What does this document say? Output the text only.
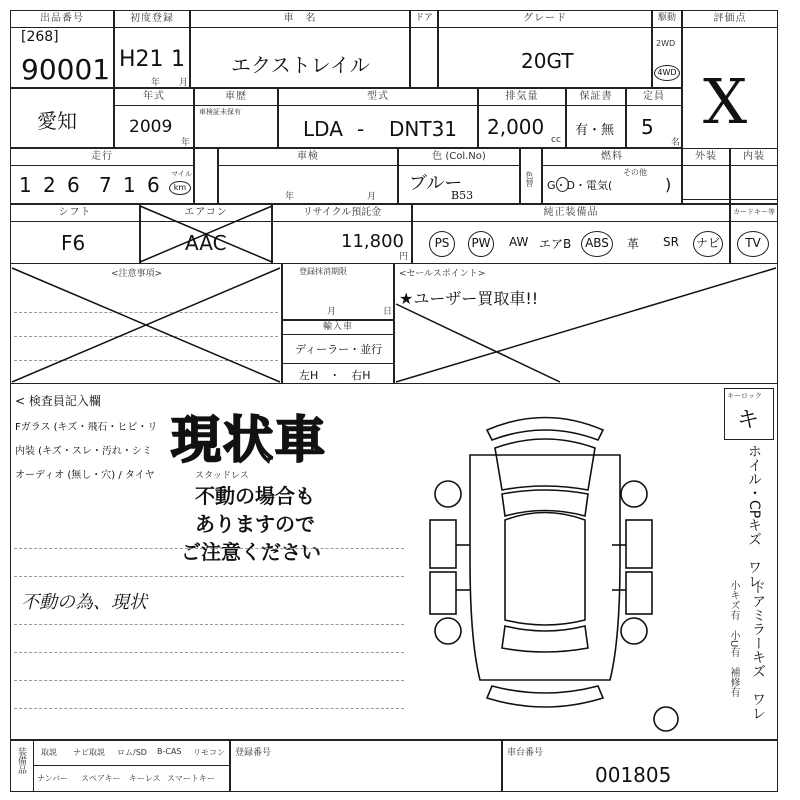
出品番号
[268]
90001
初度登録
H21 1
年 月
車　名
エクストレイル
ドア	グレード
20GT
駆動
2WD
4WD
評価点
X
愛知
年式
2009
年
車歴
車検証未保有
型式
LDA - DNT31
排気量
2,000
cc
保証書
有・無
定員
5
名
走行
1 2 6 7 1 6 マイル
km
車検
年	月
色 (Col.No)
ブルー
B53
色替
燃料
G・D・電気(
その他
)
外装	内装
シフト
F6
エアコン
AAC
リサイクル預託金
11,800
円
純正装備品
PS	PW AW エアB	ABS	革 SR ナビ
カードキー等
TV
<注意事項>	登録抹消期限
月	日
輸入車
ディーラー・並行
左H　・　右H
<セールスポイント>
★ユーザー買取車!!
< 検査員記入欄
Fガラス (キズ・飛石・ヒビ・リ
内装 (キズ・スレ・汚れ・シミ
オーディオ (無し・穴) / タイヤ	スタッドレス
現状車
不動の場合も
ありますので
ご注意ください
不動の為、現状
キーロック
キ
ホイル・CPキズ　ワレ
ドアミラーキズ　ワレ
小キズ有　小U有　補修有
装備品 取説 ナビ取説 ロム/SD B-CAS リモコン
ナンバー スペアキー キーレス スマートキー
登録番号	車台番号
001805
